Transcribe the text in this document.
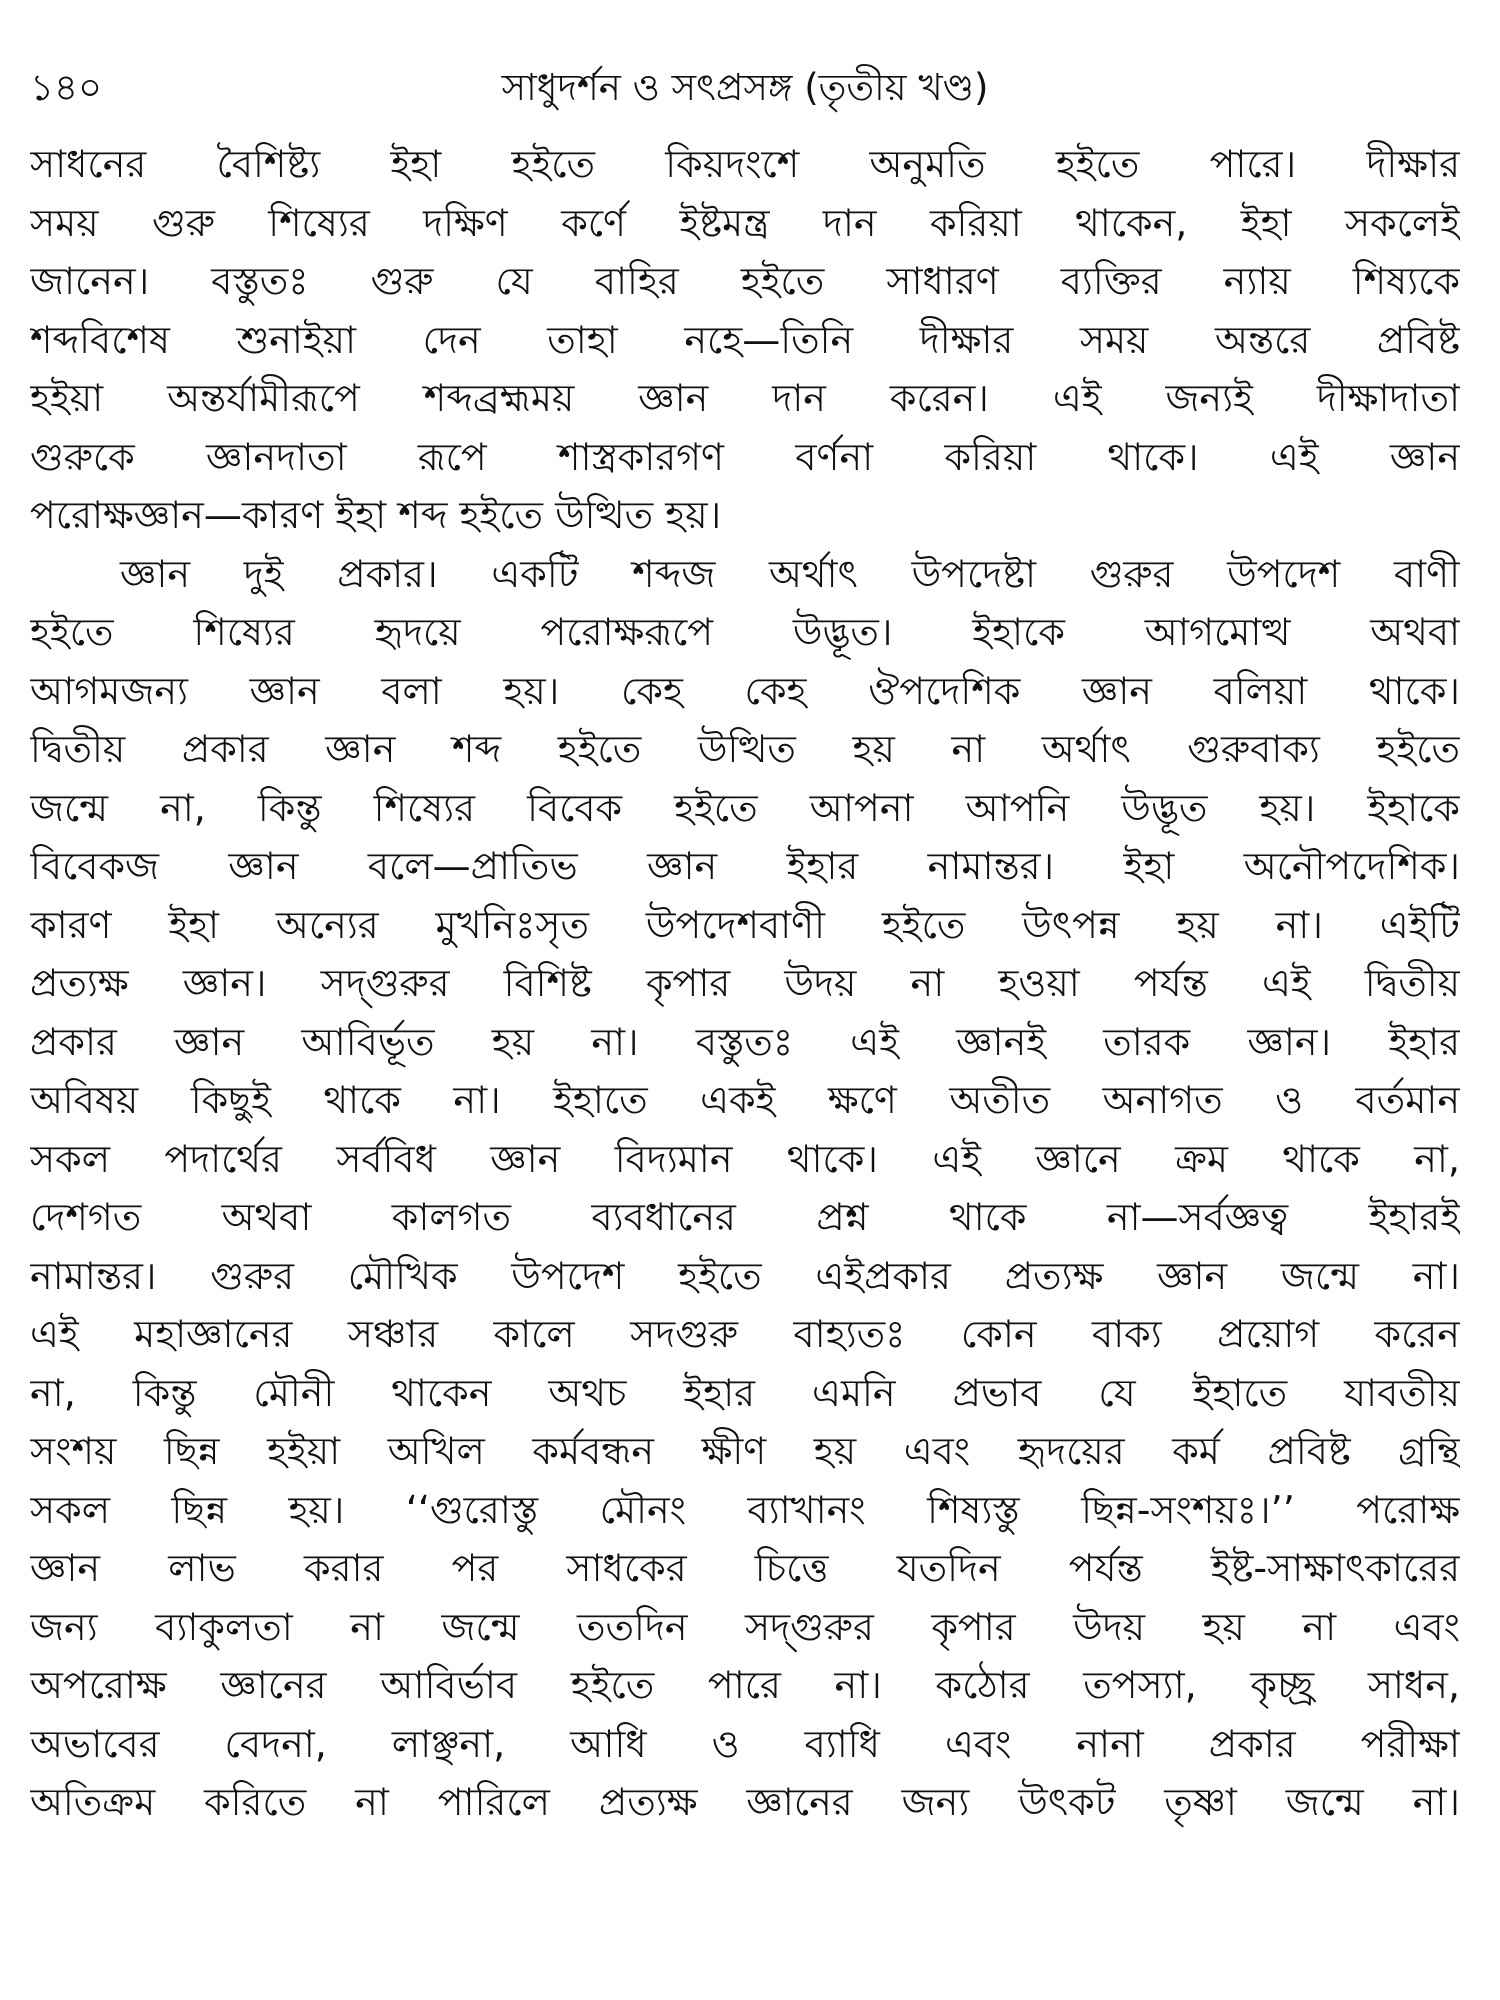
সাধুদর্শন ও সৎপ্রসঙ্গ (তৃতীয় খণ্ড)
১৪০
সাধনের বৈশিষ্ট্য ইহা হইতে কিয়দংশে অনুমতি হইতে পারে। দীক্ষার
সময় গুরু শিষ্যের দক্ষিণ কর্ণে ইষ্টমন্ত্র দান করিয়া থাকেন, ইহা সকলেই
জানেন। বস্তুতঃ গুরু যে বাহির হইতে সাধারণ ব্যক্তির ন্যায় শিষ্যকে
শব্দবিশেষ শুনাইয়া দেন তাহা নহে—তিনি দীক্ষার সময় অন্তরে প্রবিষ্ট
হইয়া অন্তর্যামীরূপে শব্দব্রহ্মময় জ্ঞান দান করেন। এই জন্যই দীক্ষাদাতা
গুরুকে জ্ঞানদাতা রূপে শাস্ত্রকারগণ বর্ণনা করিয়া থাকে। এই জ্ঞান
পরোক্ষজ্ঞান—কারণ ইহা শব্দ হইতে উত্থিত হয়।
জ্ঞান দুই প্রকার। একটি শব্দজ অর্থাৎ উপদেষ্টা গুরুর উপদেশ বাণী
হইতে শিষ্যের হৃদয়ে পরোক্ষরূপে উদ্ভূত। ইহাকে আগমোত্থ অথবা
আগমজন্য জ্ঞান বলা হয়। কেহ কেহ ঔপদেশিক জ্ঞান বলিয়া থাকে।
দ্বিতীয় প্রকার জ্ঞান শব্দ হইতে উত্থিত হয় না অর্থাৎ গুরুবাক্য হইতে
জন্মে না, কিন্তু শিষ্যের বিবেক হইতে আপনা আপনি উদ্ভূত হয়। ইহাকে
বিবেকজ জ্ঞান বলে—প্রাতিভ জ্ঞান ইহার নামান্তর। ইহা অনৌপদেশিক।
কারণ ইহা অন্যের মুখনিঃসৃত উপদেশবাণী হইতে উৎপন্ন হয় না। এইটি
প্রত্যক্ষ জ্ঞান। সদ্গুরুর বিশিষ্ট কৃপার উদয় না হওয়া পর্যন্ত এই দ্বিতীয়
প্রকার জ্ঞান আবির্ভূত হয় না। বস্তুতঃ এই জ্ঞানই তারক জ্ঞান। ইহার
অবিষয় কিছুই থাকে না। ইহাতে একই ক্ষণে অতীত অনাগত ও বর্তমান
সকল পদার্থের সর্ববিধ জ্ঞান বিদ্যমান থাকে। এই জ্ঞানে ক্রম থাকে না,
দেশগত অথবা কালগত ব্যবধানের প্রশ্ন থাকে না—সর্বজ্ঞত্ব ইহারই
নামান্তর। গুরুর মৌখিক উপদেশ হইতে এইপ্রকার প্রত্যক্ষ জ্ঞান জন্মে না।
এই মহাজ্ঞানের সঞ্চার কালে সদগুরু বাহ্যতঃ কোন বাক্য প্রয়োগ করেন
না, কিন্তু মৌনী থাকেন অথচ ইহার এমনি প্রভাব যে ইহাতে যাবতীয়
সংশয় ছিন্ন হইয়া অখিল কর্মবন্ধন ক্ষীণ হয় এবং হৃদয়ের কর্ম প্রবিষ্ট গ্রন্থি
সকল ছিন্ন হয়। ‘‘গুরোস্তু মৌনং ব্যাখানং শিষ্যস্তু ছিন্ন-সংশয়ঃ।’’ পরোক্ষ
জ্ঞান লাভ করার পর সাধকের চিত্তে যতদিন পর্যন্ত ইষ্ট-সাক্ষাৎকারের
জন্য ব্যাকুলতা না জন্মে ততদিন সদ্গুরুর কৃপার উদয় হয় না এবং
অপরোক্ষ জ্ঞানের আবির্ভাব হইতে পারে না। কঠোর তপস্যা, কৃচ্ছ্র সাধন,
অভাবের বেদনা, লাঞ্ছনা, আধি ও ব্যাধি এবং নানা প্রকার পরীক্ষা
অতিক্রম করিতে না পারিলে প্রত্যক্ষ জ্ঞানের জন্য উৎকট তৃষ্ণা জন্মে না।
